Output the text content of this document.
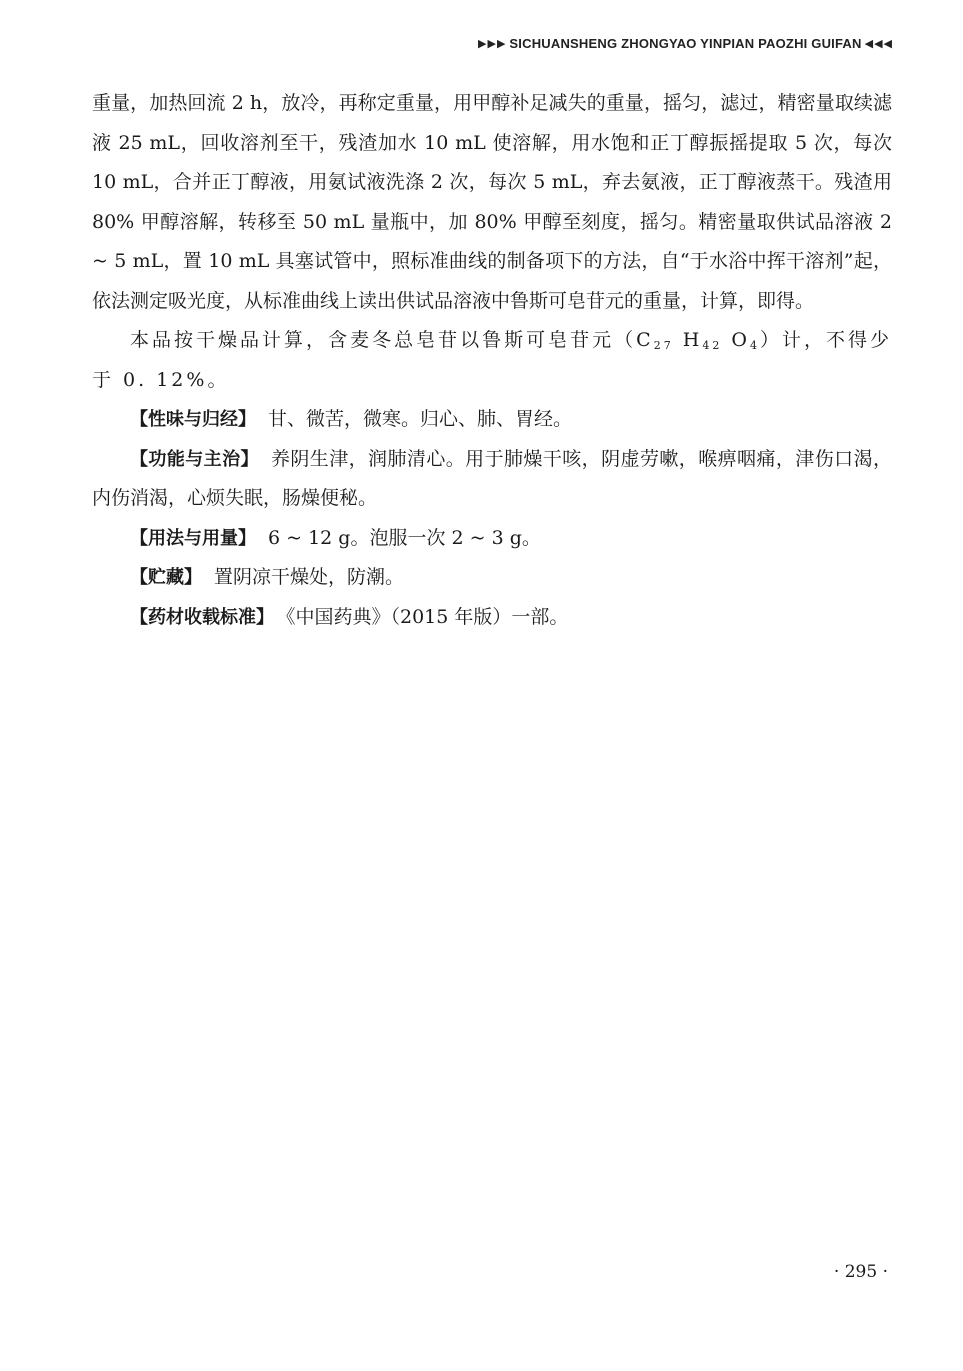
▶▶▶ SICHUANSHENG ZHONGYAO YINPIAN PAOZHI GUIFAN ◀◀◀

重量，加热回流 2 h，放冷，再称定重量，用甲醇补足减失的重量，摇匀，滤过，精密量取续滤液 25 mL，回收溶剂至干，残渣加水 10 mL 使溶解，用水饱和正丁醇振摇提取 5 次，每次 10 mL，合并正丁醇液，用氨试液洗涤 2 次，每次 5 mL，弃去氨液，正丁醇液蒸干。残渣用 80% 甲醇溶解，转移至 50 mL 量瓶中，加 80% 甲醇至刻度，摇匀。精密量取供试品溶液 2 ~ 5 mL，置 10 mL 具塞试管中，照标准曲线的制备项下的方法，自“于水浴中挥干溶剂”起，依法测定吸光度，从标准曲线上读出供试品溶液中鲁斯可皂苷元的重量，计算，即得。

本品按干燥品计算，含麦冬总皂苷以鲁斯可皂苷元（$C_{27}$ $H_{42}$ $O_4$）计，不得少于 0. 12%。

【性味与归经】 甘、微苦，微寒。归心、肺、胃经。

【功能与主治】 养阴生津，润肺清心。用于肺燥干咳，阴虚劳嗽，喉痹咽痛，津伤口渴，内伤消渴，心烦失眠，肠燥便秘。

【用法与用量】 6 ~ 12 g。泡服一次 2 ~ 3 g。

【贮藏】 置阴凉干燥处，防潮。

【药材收载标准】 《中国药典》（2015 年版）一部。

· 295 ·
